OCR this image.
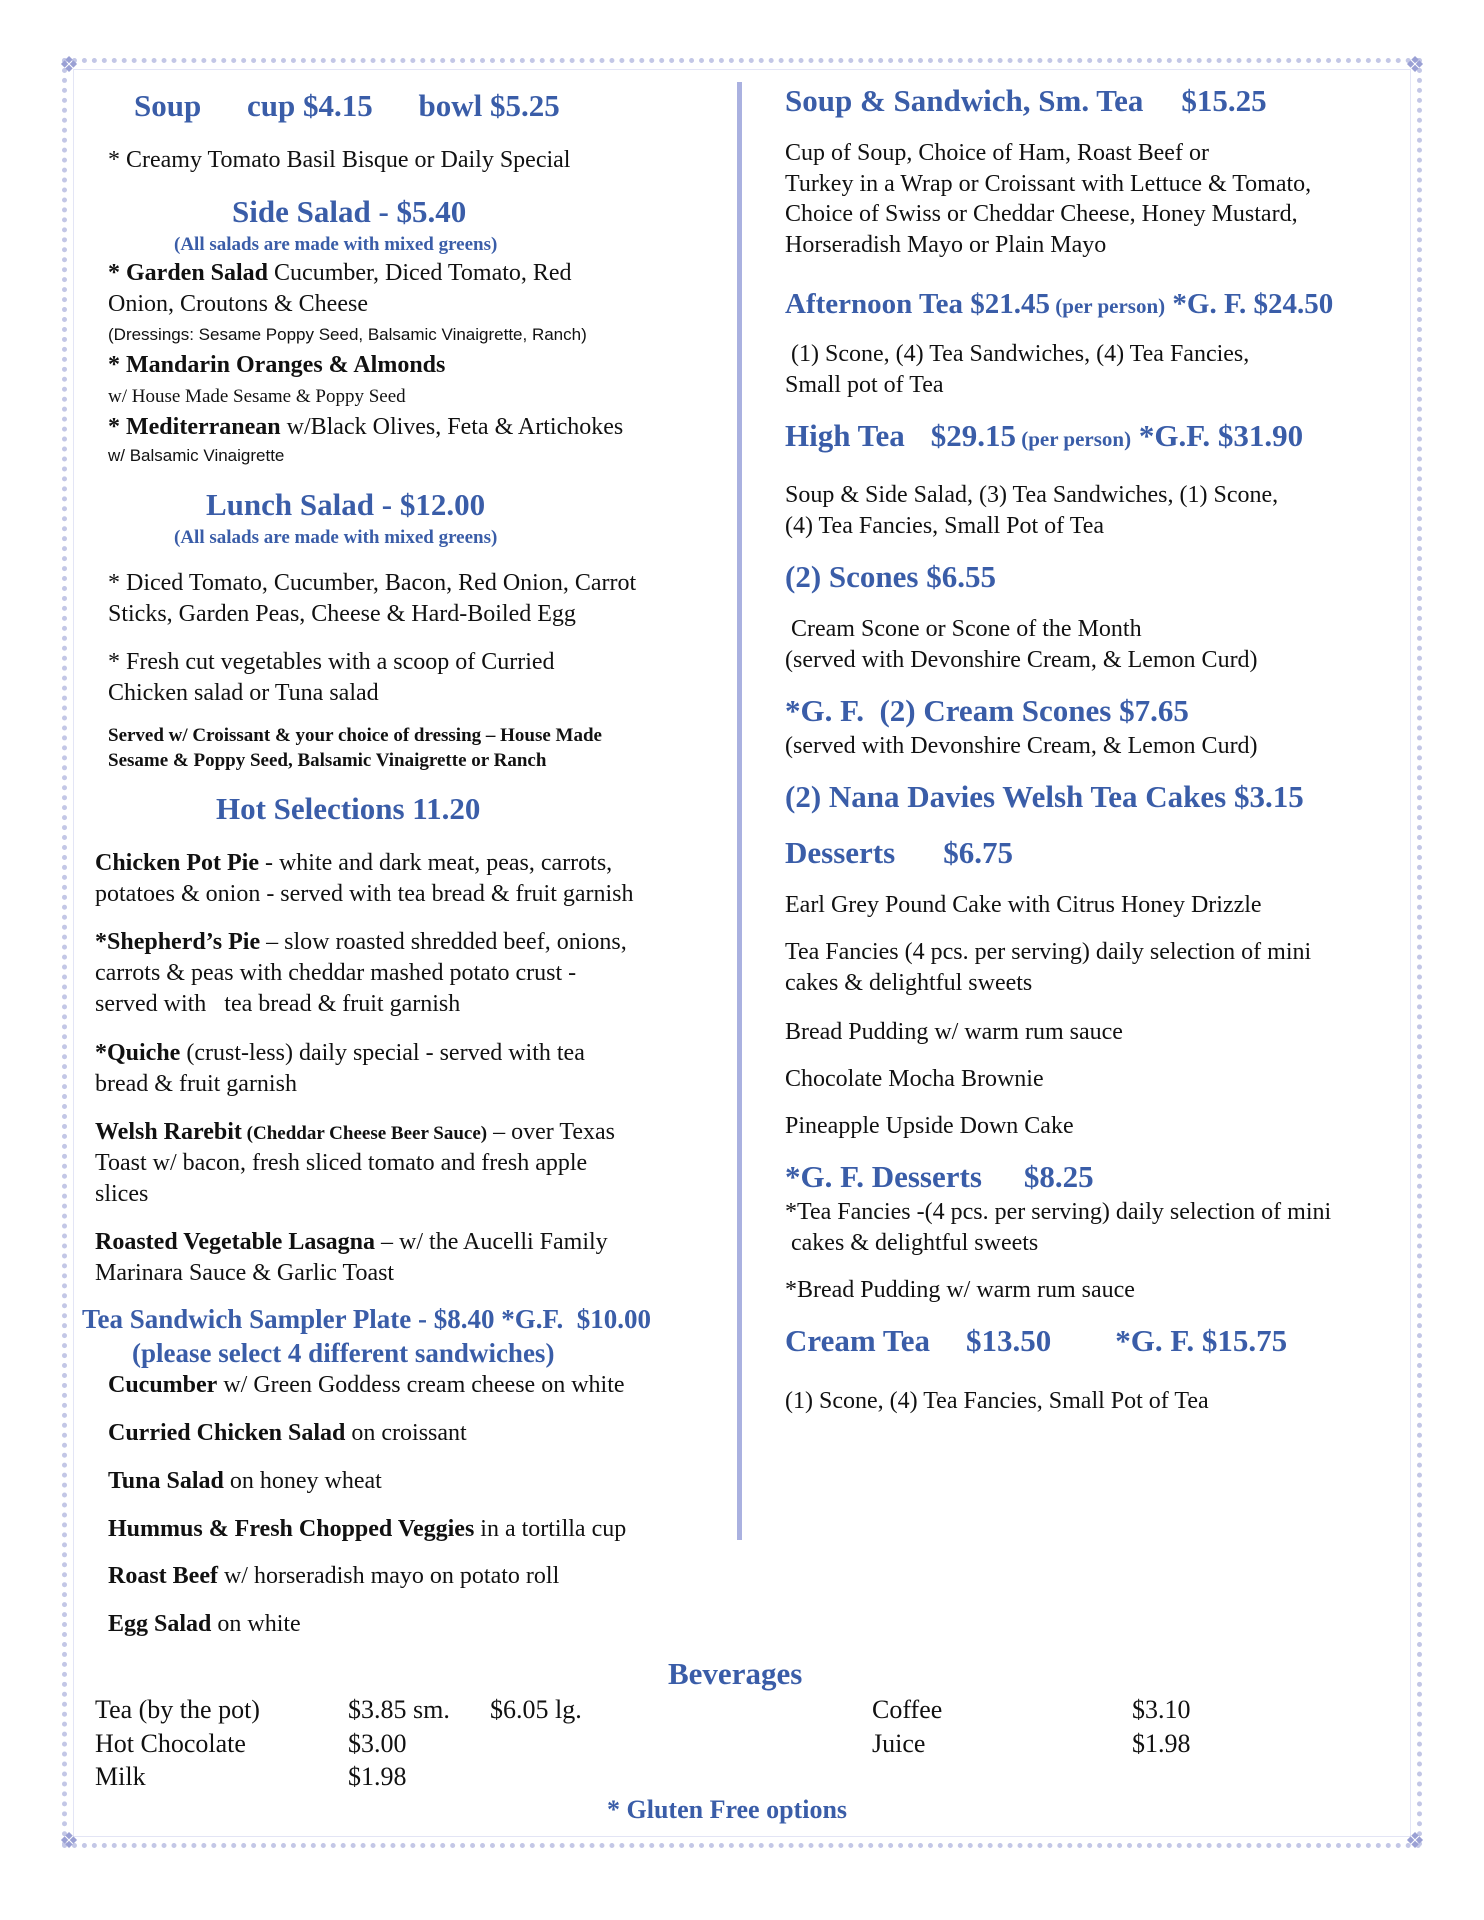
❖	❖
❖	❖
Soup cup $4.15 bowl $5.25
* Creamy Tomato Basil Bisque or Daily Special
Side Salad - $5.40
(All salads are made with mixed greens)
* Garden Salad Cucumber, Diced Tomato, Red
Onion, Croutons & Cheese
(Dressings: Sesame Poppy Seed, Balsamic Vinaigrette, Ranch)
* Mandarin Oranges & Almonds
w/ House Made Sesame & Poppy Seed
* Mediterranean w/Black Olives, Feta & Artichokes
w/ Balsamic Vinaigrette
Lunch Salad - $12.00
(All salads are made with mixed greens)
* Diced Tomato, Cucumber, Bacon, Red Onion, Carrot
Sticks, Garden Peas, Cheese & Hard-Boiled Egg
* Fresh cut vegetables with a scoop of Curried
Chicken salad or Tuna salad
Served w/ Croissant & your choice of dressing – House Made
Sesame & Poppy Seed, Balsamic Vinaigrette or Ranch
Hot Selections 11.20
Chicken Pot Pie - white and dark meat, peas, carrots,
potatoes & onion - served with tea bread & fruit garnish
*Shepherd’s Pie – slow roasted shredded beef, onions,
carrots & peas with cheddar mashed potato crust -
served with   tea bread & fruit garnish
*Quiche (crust-less) daily special - served with tea
bread & fruit garnish
Welsh Rarebit (Cheddar Cheese Beer Sauce) – over Texas
Toast w/ bacon, fresh sliced tomato and fresh apple
slices
Roasted Vegetable Lasagna – w/ the Aucelli Family
Marinara Sauce & Garlic Toast
Tea Sandwich Sampler Plate - $8.40 *G.F.  $10.00
(please select 4 different sandwiches)
Cucumber w/ Green Goddess cream cheese on white
Curried Chicken Salad on croissant
Tuna Salad on honey wheat
Hummus & Fresh Chopped Veggies in a tortilla cup
Roast Beef w/ horseradish mayo on potato roll
Egg Salad on white
Soup & Sandwich, Sm. Tea $15.25
Cup of Soup, Choice of Ham, Roast Beef or
Turkey in a Wrap or Croissant with Lettuce & Tomato,
Choice of Swiss or Cheddar Cheese, Honey Mustard,
Horseradish Mayo or Plain Mayo
Afternoon Tea $21.45 (per person) *G. F. $24.50
(1) Scone, (4) Tea Sandwiches, (4) Tea Fancies,
Small pot of Tea
High Tea $29.15 (per person) *G.F. $31.90
Soup & Side Salad, (3) Tea Sandwiches, (1) Scone,
(4) Tea Fancies, Small Pot of Tea
(2) Scones $6.55
Cream Scone or Scone of the Month
(served with Devonshire Cream, & Lemon Curd)
*G. F.  (2) Cream Scones $7.65
(served with Devonshire Cream, & Lemon Curd)
(2) Nana Davies Welsh Tea Cakes $3.15
Desserts $6.75
Earl Grey Pound Cake with Citrus Honey Drizzle
Tea Fancies (4 pcs. per serving) daily selection of mini
cakes & delightful sweets
Bread Pudding w/ warm rum sauce
Chocolate Mocha Brownie
Pineapple Upside Down Cake
*G. F. Desserts $8.25
*Tea Fancies -(4 pcs. per serving) daily selection of mini
cakes & delightful sweets
*Bread Pudding w/ warm rum sauce
Cream Tea $13.50 *G. F. $15.75
(1) Scone, (4) Tea Fancies, Small Pot of Tea
Beverages
Tea (by the pot)	$3.85 sm. $6.05 lg.
Hot Chocolate	$3.00
Milk	$1.98
Coffee	$3.10
Juice	$1.98
* Gluten Free options
